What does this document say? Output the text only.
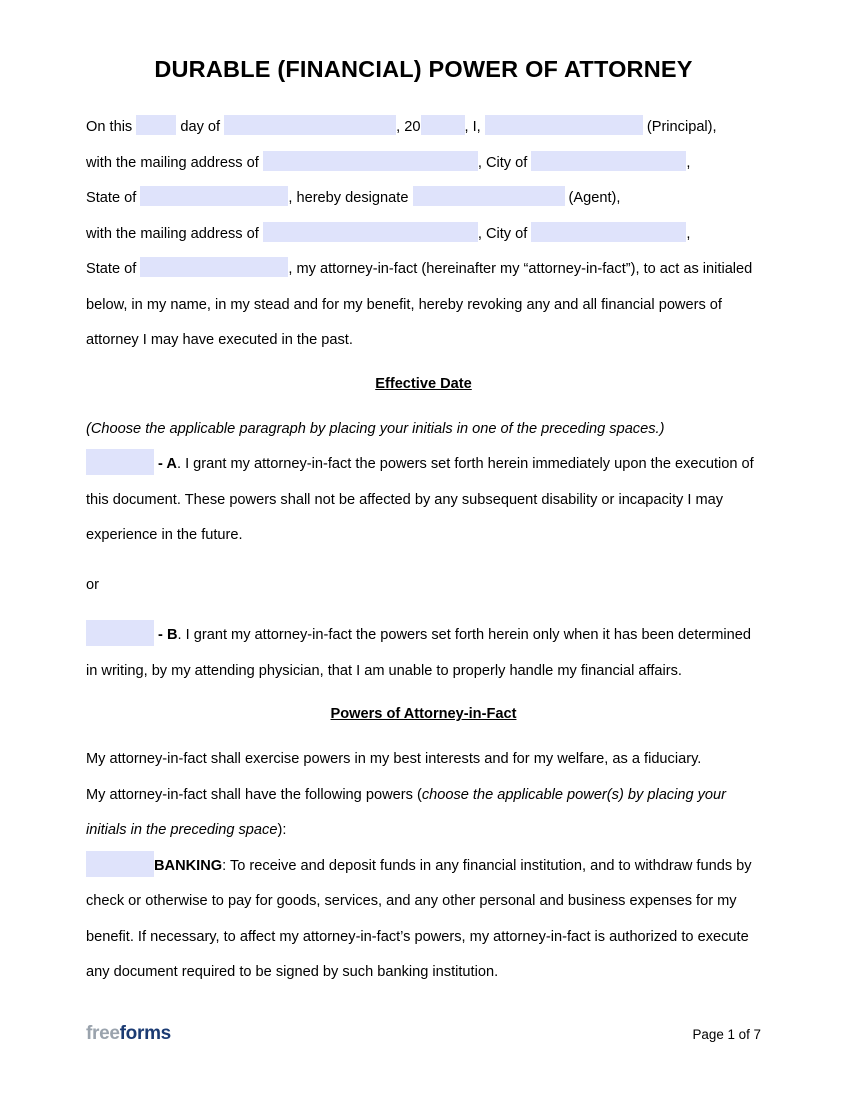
DURABLE (FINANCIAL) POWER OF ATTORNEY

On this	day of	, 20	, I,	(Principal),
with the mailing address of	, City of	,
State of	, hereby designate	(Agent),
with the mailing address of	, City of	,
State of	, my attorney-in-fact (hereinafter my “attorney-in-fact”), to act as initialed below, in my name, in my stead and for my benefit, hereby revoking any and all financial powers of attorney I may have executed in the past.

Effective Date

(Choose the applicable paragraph by placing your initials in one of the preceding spaces.)

- A. I grant my attorney-in-fact the powers set forth herein immediately upon the execution of this document. These powers shall not be affected by any subsequent disability or incapacity I may experience in the future.

or

- B. I grant my attorney-in-fact the powers set forth herein only when it has been determined in writing, by my attending physician, that I am unable to properly handle my financial affairs.

Powers of Attorney-in-Fact

My attorney-in-fact shall exercise powers in my best interests and for my welfare, as a fiduciary.

My attorney-in-fact shall have the following powers (choose the applicable power(s) by placing your initials in the preceding space):

BANKING: To receive and deposit funds in any financial institution, and to withdraw funds by check or otherwise to pay for goods, services, and any other personal and business expenses for my benefit. If necessary, to affect my attorney-in-fact’s powers, my attorney-in-fact is authorized to execute any document required to be signed by such banking institution.

freeforms	Page 1 of 7
